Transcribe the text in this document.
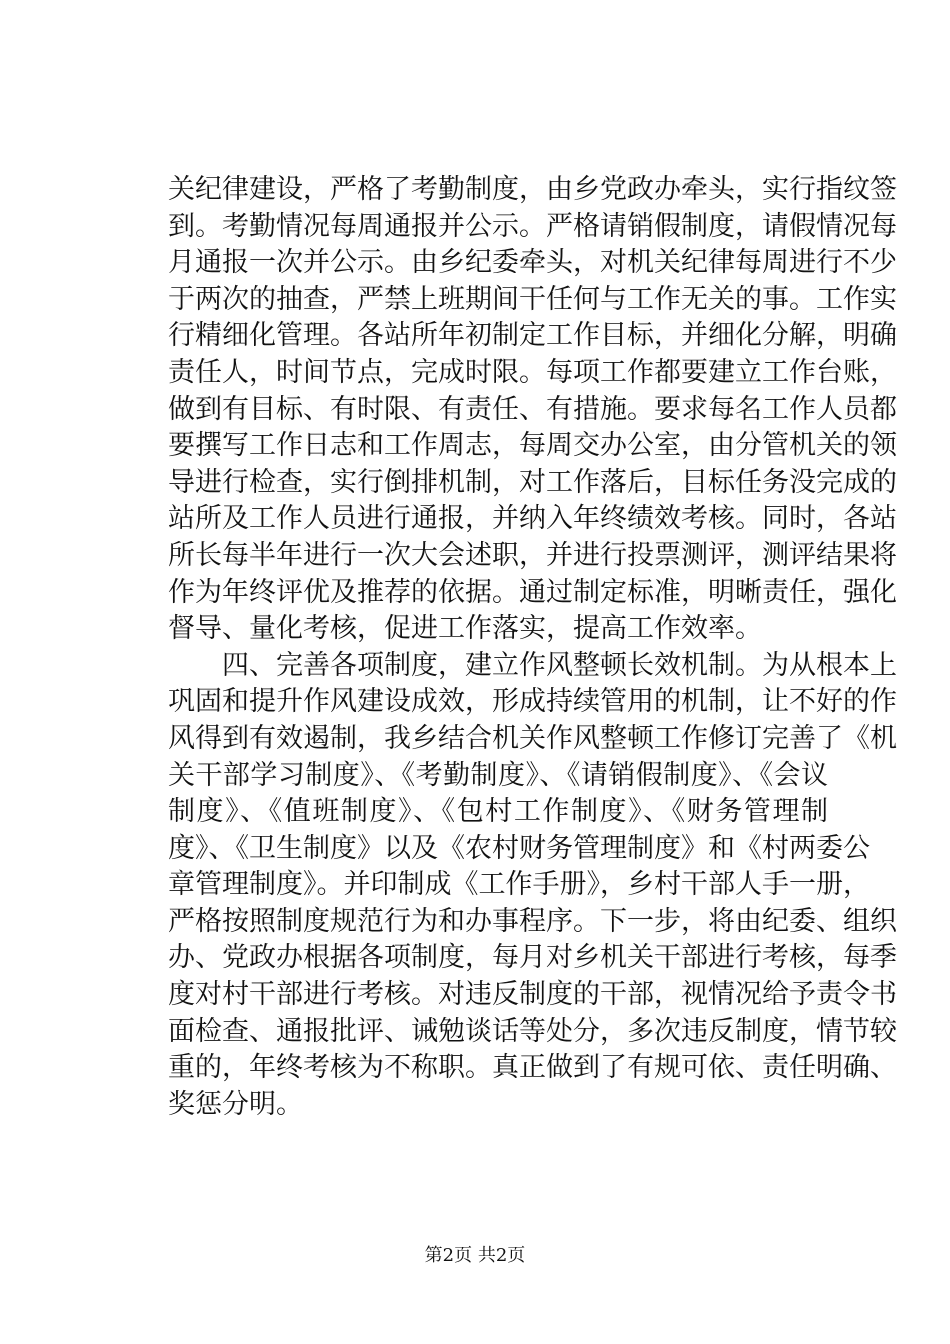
关纪律建设，严格了考勤制度，由乡党政办牵头，实行指纹签
到。考勤情况每周通报并公示。严格请销假制度，请假情况每
月通报一次并公示。由乡纪委牵头，对机关纪律每周进行不少
于两次的抽查，严禁上班期间干任何与工作无关的事。工作实
行精细化管理。各站所年初制定工作目标，并细化分解，明确
责任人，时间节点，完成时限。每项工作都要建立工作台账，
做到有目标、有时限、有责任、有措施。要求每名工作人员都
要撰写工作日志和工作周志，每周交办公室，由分管机关的领
导进行检查，实行倒排机制，对工作落后，目标任务没完成的
站所及工作人员进行通报，并纳入年终绩效考核。同时，各站
所长每半年进行一次大会述职，并进行投票测评，测评结果将
作为年终评优及推荐的依据。通过制定标准，明晰责任，强化
督导、量化考核，促进工作落实，提高工作效率。
四、完善各项制度，建立作风整顿长效机制。为从根本上
巩固和提升作风建设成效，形成持续管用的机制，让不好的作
风得到有效遏制，我乡结合机关作风整顿工作修订完善了《机
关干部学习制度》、《考勤制度》、《请销假制度》、《会议
制度》、《值班制度》、《包村工作制度》、《财务管理制
度》、《卫生制度》以及《农村财务管理制度》和《村两委公
章管理制度》。并印制成《工作手册》，乡村干部人手一册，
严格按照制度规范行为和办事程序。下一步，将由纪委、组织
办、党政办根据各项制度，每月对乡机关干部进行考核，每季
度对村干部进行考核。对违反制度的干部，视情况给予责令书
面检查、通报批评、诫勉谈话等处分，多次违反制度，情节较
重的，年终考核为不称职。真正做到了有规可依、责任明确、
奖惩分明。
第2页 共2页
